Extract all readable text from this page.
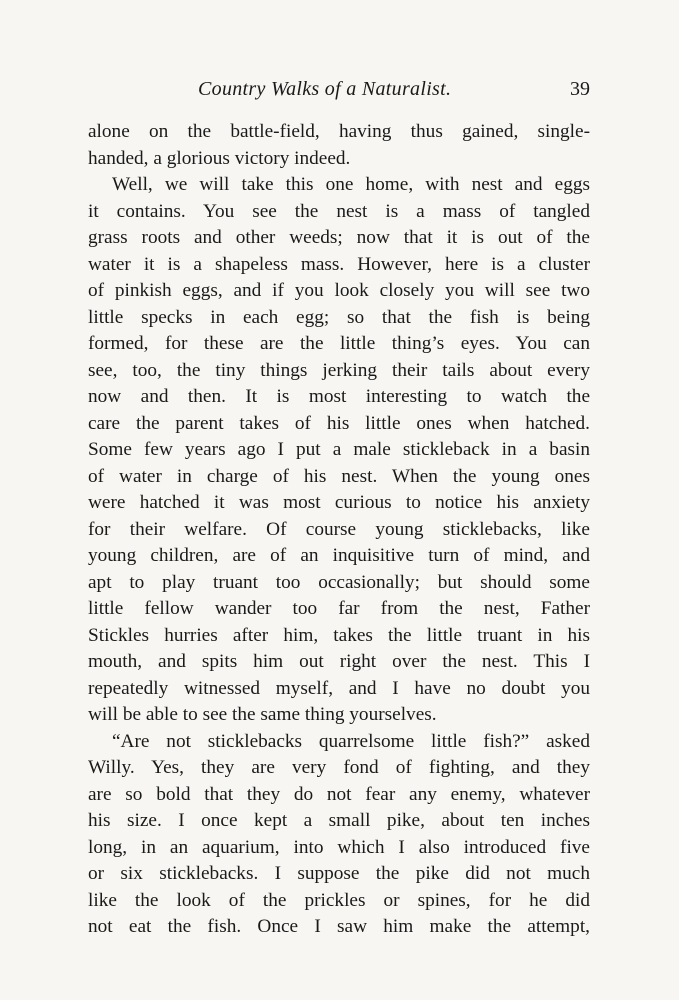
Country Walks of a Naturalist.	39
alone on the battle-field, having thus gained, single-
handed, a glorious victory indeed.
Well, we will take this one home, with nest and eggs
it contains. You see the nest is a mass of tangled
grass roots and other weeds; now that it is out of the
water it is a shapeless mass. However, here is a cluster
of pinkish eggs, and if you look closely you will see two
little specks in each egg; so that the fish is being
formed, for these are the little thing’s eyes. You can
see, too, the tiny things jerking their tails about every
now and then. It is most interesting to watch the
care the parent takes of his little ones when hatched.
Some few years ago I put a male stickleback in a basin
of water in charge of his nest. When the young ones
were hatched it was most curious to notice his anxiety
for their welfare. Of course young sticklebacks, like
young children, are of an inquisitive turn of mind, and
apt to play truant too occasionally; but should some
little fellow wander too far from the nest, Father
Stickles hurries after him, takes the little truant in his
mouth, and spits him out right over the nest. This I
repeatedly witnessed myself, and I have no doubt you
will be able to see the same thing yourselves.
“Are not sticklebacks quarrelsome little fish?” asked
Willy. Yes, they are very fond of fighting, and they
are so bold that they do not fear any enemy, whatever
his size. I once kept a small pike, about ten inches
long, in an aquarium, into which I also introduced five
or six sticklebacks. I suppose the pike did not much
like the look of the prickles or spines, for he did
not eat the fish. Once I saw him make the attempt,
